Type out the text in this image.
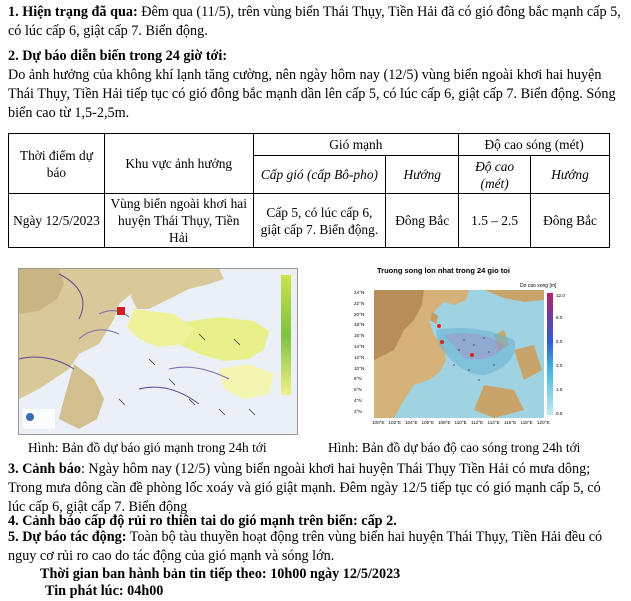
1. Hiện trạng đã qua: Đêm qua (11/5), trên vùng biển Thái Thụy, Tiền Hải đã có gió đông bắc mạnh cấp 5, có lúc cấp 6, giật cấp 7. Biển động.
2. Dự báo diễn biến trong 24 giờ tới:
Do ảnh hưởng của không khí lạnh tăng cường, nên ngày hôm nay (12/5) vùng biển ngoài khơi hai huyện Thái Thụy, Tiền Hải tiếp tục có gió đông bắc mạnh dần lên cấp 5, có lúc cấp 6, giật cấp 7. Biển động. Sóng biển cao từ 1,5-2,5m.
Thời điểm dự báo	Khu vực ảnh hưởng	Gió mạnh		Độ cao sóng (mét)	
		Cấp gió (cấp Bô-pho)	Hướng	Độ cao (mét)	Hướng
Ngày 12/5/2023	Vùng biển ngoài khơi hai huyện Thái Thụy, Tiền Hải	Cấp 5, có lúc cấp 6, giật cấp 7. Biển động.	Đông Bắc	1.5 – 2.5	Đông Bắc
Truong song lon nhat trong 24 gio toi
Do cao song [m]
24°N
22°N
20°N
18°N
16°N
14°N
12°N
10°N
8°N
6°N
4°N
2°N
100°E 102°E 104°E 106°E 108°E 110°E 112°E 114°E 116°E 118°E 120°E
12.0
8.0
5.0
3.0
1.5
0.5
Hình: Bản đồ dự báo gió mạnh trong 24h tới	Hình: Bản đồ dự báo độ cao sóng trong 24h tới
3. Cảnh báo: Ngày hôm nay (12/5) vùng biển ngoài khơi hai huyện Thái Thụy Tiền Hải có mưa dông; Trong mưa dông cần đề phòng lốc xoáy và gió giật mạnh. Đêm ngày 12/5 tiếp tục có gió mạnh cấp 5, có lúc cấp 6, giật cấp 7. Biển động
4. Cảnh báo cấp độ rủi ro thiên tai do gió mạnh trên biển: cấp 2.
5. Dự báo tác động: Toàn bộ tàu thuyền hoạt động trên vùng biển hai huyện Thái Thụy, Tiền Hải đều có nguy cơ rủi ro cao do tác động của gió mạnh và sóng lớn.
Thời gian ban hành bản tin tiếp theo: 10h00 ngày 12/5/2023
Tin phát lúc: 04h00
